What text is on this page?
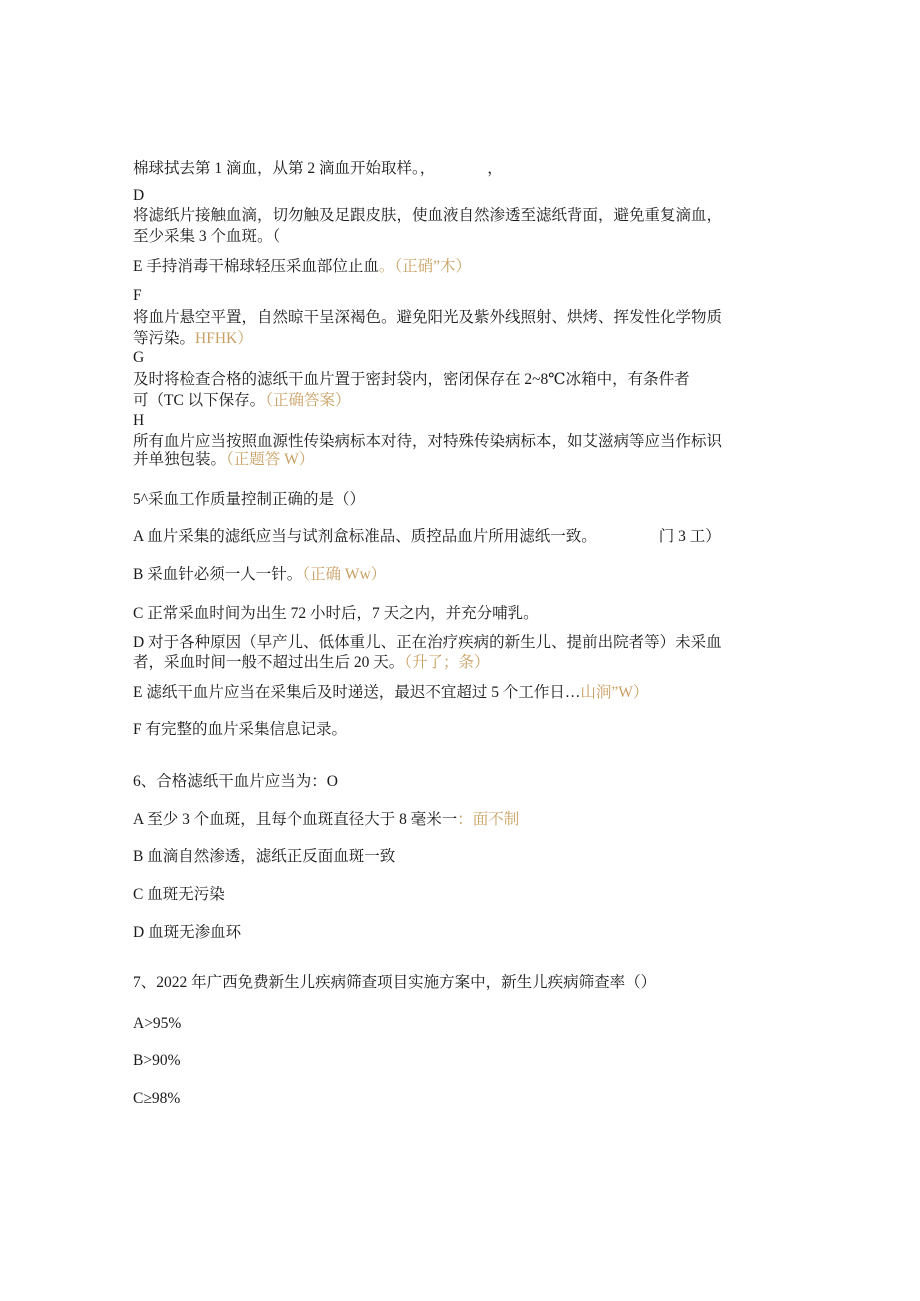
棉球拭去第 1 滴血，从第 2 滴血开始取样。，	，
D
将滤纸片接触血滴，切勿触及足跟皮肤，使血液自然渗透至滤纸背面，避免重复滴血，
至少采集 3 个血斑。（
E 手持消毒干棉球轻压采血部位止血。（正硝”木）
F
将血片悬空平置，自然晾干呈深褐色。避免阳光及紫外线照射、烘烤、挥发性化学物质
等污染。HFHK）
G
及时将检查合格的滤纸干血片置于密封袋内，密闭保存在 2~8℃冰箱中，有条件者
可（TC 以下保存。（正确答案）
H
所有血片应当按照血源性传染病标本对待，对特殊传染病标本，如艾滋病等应当作标识
并单独包装。（正题答 W）
5^采血工作质量控制正确的是（）
A 血片采集的滤纸应当与试剂盒标准品、质控品血片所用滤纸一致。	门 3 工）
B 采血针必须一人一针。（正确 Ww）
C 正常采血时间为出生 72 小时后，7 天之内，并充分哺乳。
D 对于各种原因（早产儿、低体重儿、正在治疗疾病的新生儿、提前出院者等）未采血
者，采血时间一般不超过出生后 20 天。（升了；条）
E 滤纸干血片应当在采集后及时递送，最迟不宜超过 5 个工作日…山涧”W）
F 有完整的血片采集信息记录。
6、合格滤纸干血片应当为：O
A 至少 3 个血斑，且每个血斑直径大于 8 毫米一：面不制
B 血滴自然渗透，滤纸正反面血斑一致
C 血斑无污染
D 血斑无渗血环
7、2022 年广西免费新生儿疾病筛查项目实施方案中，新生儿疾病筛查率（）
A>95%
B>90%
C≥98%
